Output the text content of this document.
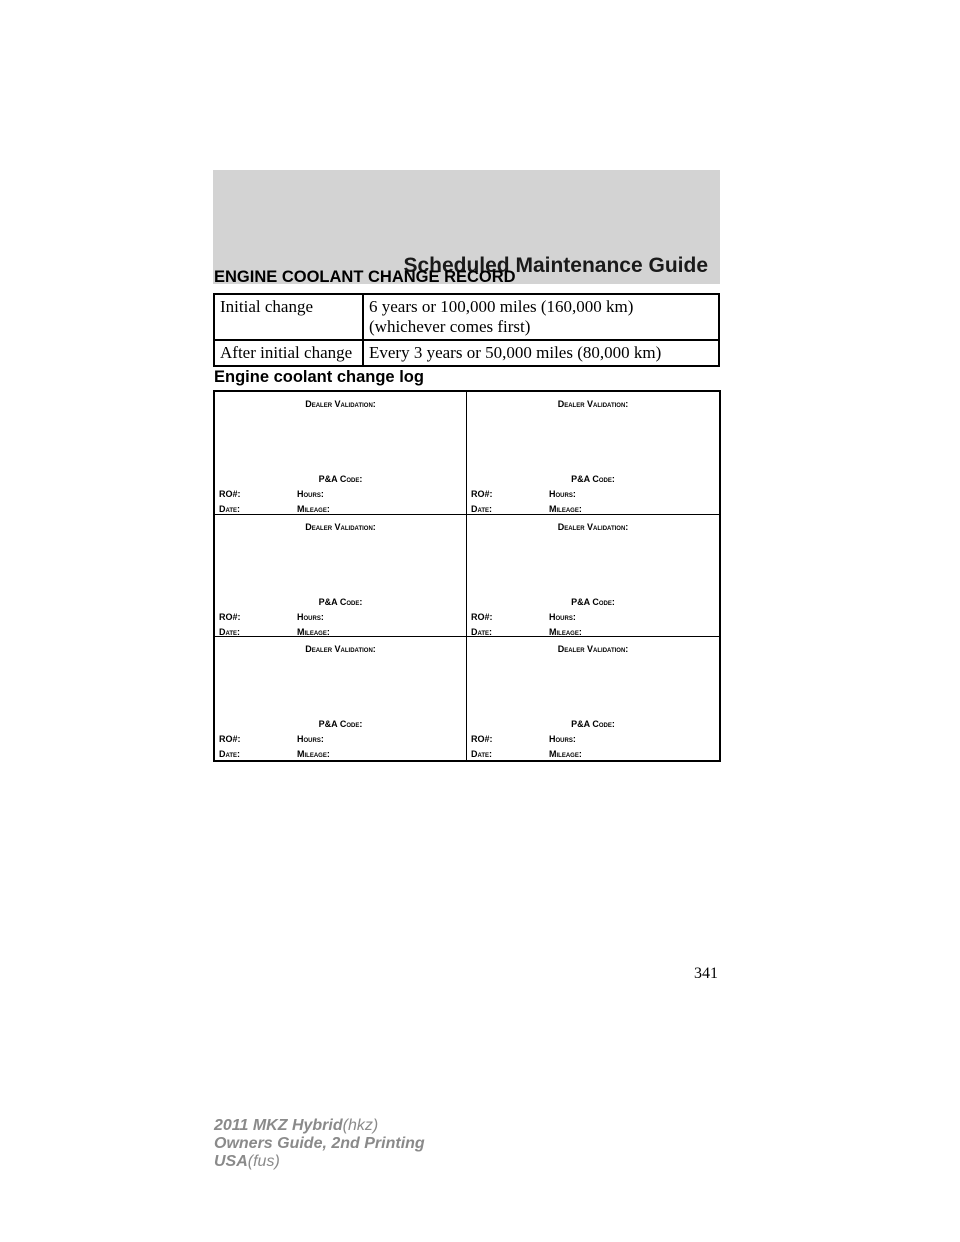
Scheduled Maintenance Guide
ENGINE COOLANT CHANGE RECORD
Initial change	6 years or 100,000 miles (160,000 km)
(whichever comes first)

After initial change	Every 3 years or 50,000 miles (80,000 km)
Engine coolant change log
Dealer Validation:
P&A Code:
RO#:	Hours:
Date:	Mileage:
Dealer Validation:
P&A Code:
RO#:	Hours:
Date:	Mileage:
Dealer Validation:
P&A Code:
RO#:	Hours:
Date:	Mileage:
Dealer Validation:
P&A Code:
RO#:	Hours:
Date:	Mileage:
Dealer Validation:
P&A Code:
RO#:	Hours:
Date:	Mileage:
Dealer Validation:
P&A Code:
RO#:	Hours:
Date:	Mileage:
341
2011 MKZ Hybrid(hkz)
Owners Guide, 2nd Printing
USA(fus)
